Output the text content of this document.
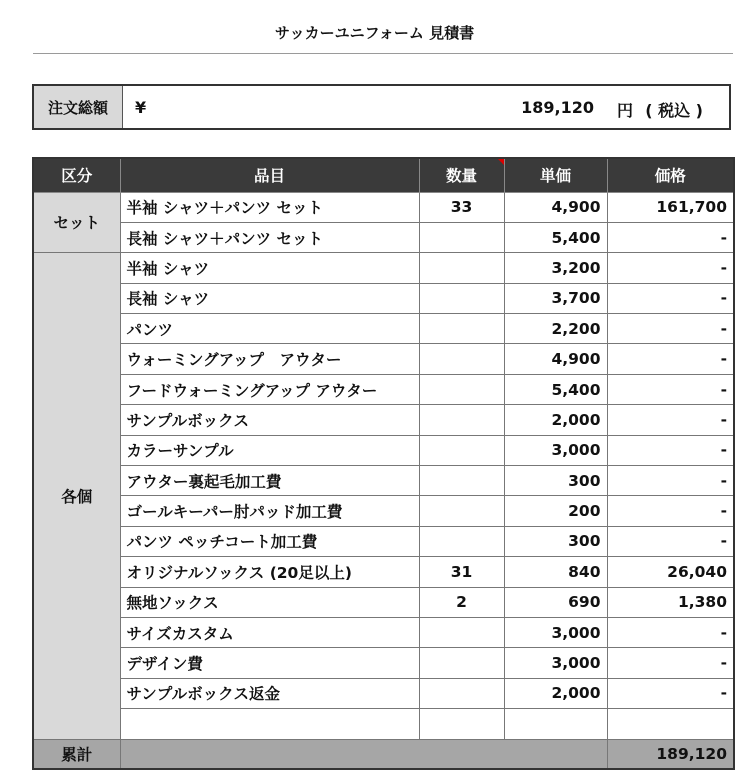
サッカーユニフォーム 見積書
注文総額	¥	189,120 円 ( 税込 )
区分	品目	数量	単価	価格
セット	半袖 シャツ＋パンツ セット	33	4,900	161,700
	長袖 シャツ＋パンツ セット		5,400	-
各個	半袖 シャツ		3,200	-
	長袖 シャツ		3,700	-
	パンツ		2,200	-
	ウォーミングアップ　アウター		4,900	-
	フードウォーミングアップ アウター		5,400	-
	サンプルボックス		2,000	-
	カラーサンプル		3,000	-
	アウター裏起毛加工費		300	-
	ゴールキーパー肘パッド加工費		200	-
	パンツ ペッチコート加工費		300	-
	オリジナルソックス (20足以上)	31	840	26,040
	無地ソックス	2	690	1,380
	サイズカスタム		3,000	-
	デザイン費		3,000	-
	サンプルボックス返金		2,000	-

累計				189,120
